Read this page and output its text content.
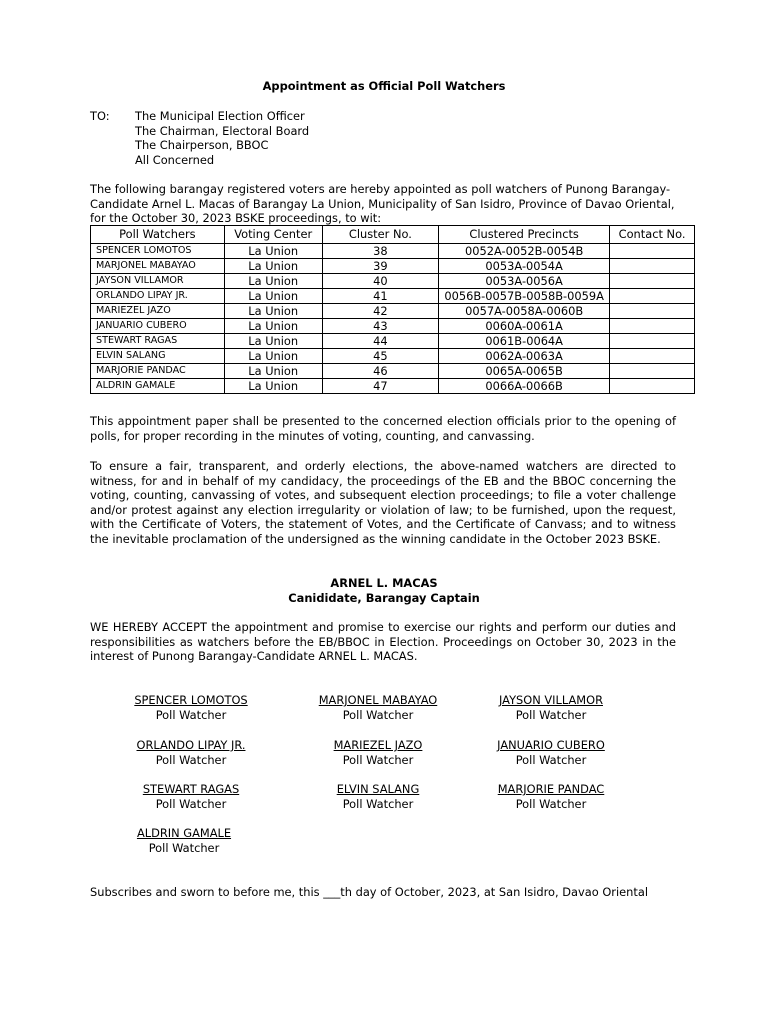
Appointment as Official Poll Watchers
TO: The Municipal Election Officer
The Chairman, Electoral Board
The Chairperson, BBOC
All Concerned
The following barangay registered voters are hereby appointed as poll watchers of Punong Barangay-Candidate Arnel L. Macas of Barangay La Union, Municipality of San Isidro, Province of Davao Oriental, for the October 30, 2023 BSKE proceedings, to wit:
Poll Watchers	Voting Center	Cluster No.	Clustered Precincts	Contact No.
SPENCER LOMOTOS	La Union	38	0052A-0052B-0054B	
MARJONEL MABAYAO	La Union	39	0053A-0054A	
JAYSON VILLAMOR	La Union	40	0053A-0056A	
ORLANDO LIPAY JR.	La Union	41	0056B-0057B-0058B-0059A	
MARIEZEL JAZO	La Union	42	0057A-0058A-0060B	
JANUARIO CUBERO	La Union	43	0060A-0061A	
STEWART RAGAS	La Union	44	0061B-0064A	
ELVIN SALANG	La Union	45	0062A-0063A	
MARJORIE PANDAC	La Union	46	0065A-0065B	
ALDRIN GAMALE	La Union	47	0066A-0066B	
This appointment paper shall be presented to the concerned election officials prior to the opening of polls, for proper recording in the minutes of voting, counting, and canvassing.
To ensure a fair, transparent, and orderly elections, the above-named watchers are directed to witness, for and in behalf of my candidacy, the proceedings of the EB and the BBOC concerning the voting, counting, canvassing of votes, and subsequent election proceedings; to file a voter challenge and/or protest against any election irregularity or violation of law; to be furnished, upon the request, with the Certificate of Voters, the statement of Votes, and the Certificate of Canvass; and to witness the inevitable proclamation of the undersigned as the winning candidate in the October 2023 BSKE.
ARNEL L. MACAS
Canididate, Barangay Captain
WE HEREBY ACCEPT the appointment and promise to exercise our rights and perform our duties and responsibilities as watchers before the EB/BBOC in Election. Proceedings on October 30, 2023 in the interest of Punong Barangay-Candidate ARNEL L. MACAS.
SPENCER LOMOTOS
Poll Watcher
MARJONEL MABAYAO
Poll Watcher
JAYSON VILLAMOR
Poll Watcher
ORLANDO LIPAY JR.
Poll Watcher
MARIEZEL JAZO
Poll Watcher
JANUARIO CUBERO
Poll Watcher
STEWART RAGAS
Poll Watcher
ELVIN SALANG
Poll Watcher
MARJORIE PANDAC
Poll Watcher
ALDRIN GAMALE
Poll Watcher
Subscribes and sworn to before me, this ___th day of October, 2023, at San Isidro, Davao Oriental
